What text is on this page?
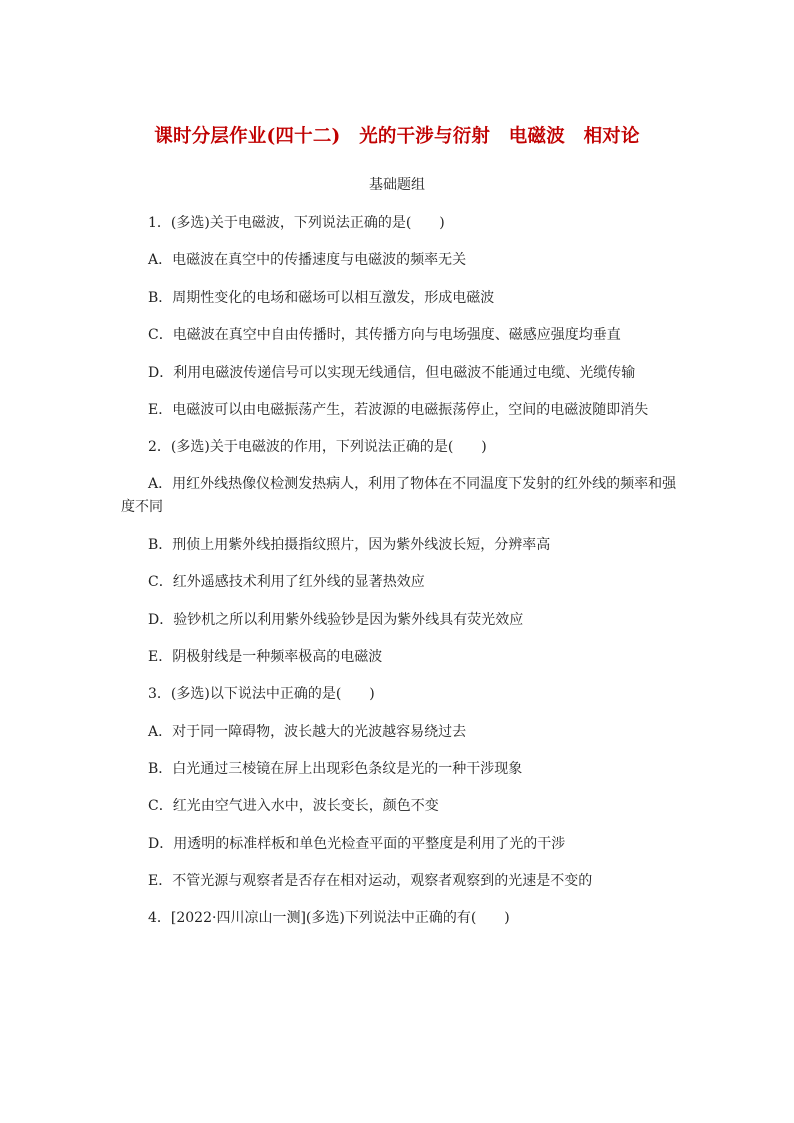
课时分层作业(四十二)　光的干涉与衍射　电磁波　相对论
基础题组
1．(多选)关于电磁波，下列说法正确的是(　　)
A．电磁波在真空中的传播速度与电磁波的频率无关
B．周期性变化的电场和磁场可以相互激发，形成电磁波
C．电磁波在真空中自由传播时，其传播方向与电场强度、磁感应强度均垂直
D．利用电磁波传递信号可以实现无线通信，但电磁波不能通过电缆、光缆传输
E．电磁波可以由电磁振荡产生，若波源的电磁振荡停止，空间的电磁波随即消失
2．(多选)关于电磁波的作用，下列说法正确的是(　　)
A．用红外线热像仪检测发热病人，利用了物体在不同温度下发射的红外线的频率和强
度不同
B．刑侦上用紫外线拍摄指纹照片，因为紫外线波长短，分辨率高
C．红外遥感技术利用了红外线的显著热效应
D．验钞机之所以利用紫外线验钞是因为紫外线具有荧光效应
E．阴极射线是一种频率极高的电磁波
3．(多选)以下说法中正确的是(　　)
A．对于同一障碍物，波长越大的光波越容易绕过去
B．白光通过三棱镜在屏上出现彩色条纹是光的一种干涉现象
C．红光由空气进入水中，波长变长，颜色不变
D．用透明的标准样板和单色光检查平面的平整度是利用了光的干涉
E．不管光源与观察者是否存在相对运动，观察者观察到的光速是不变的
4．[2022·四川凉山一测](多选)下列说法中正确的有(　　)
